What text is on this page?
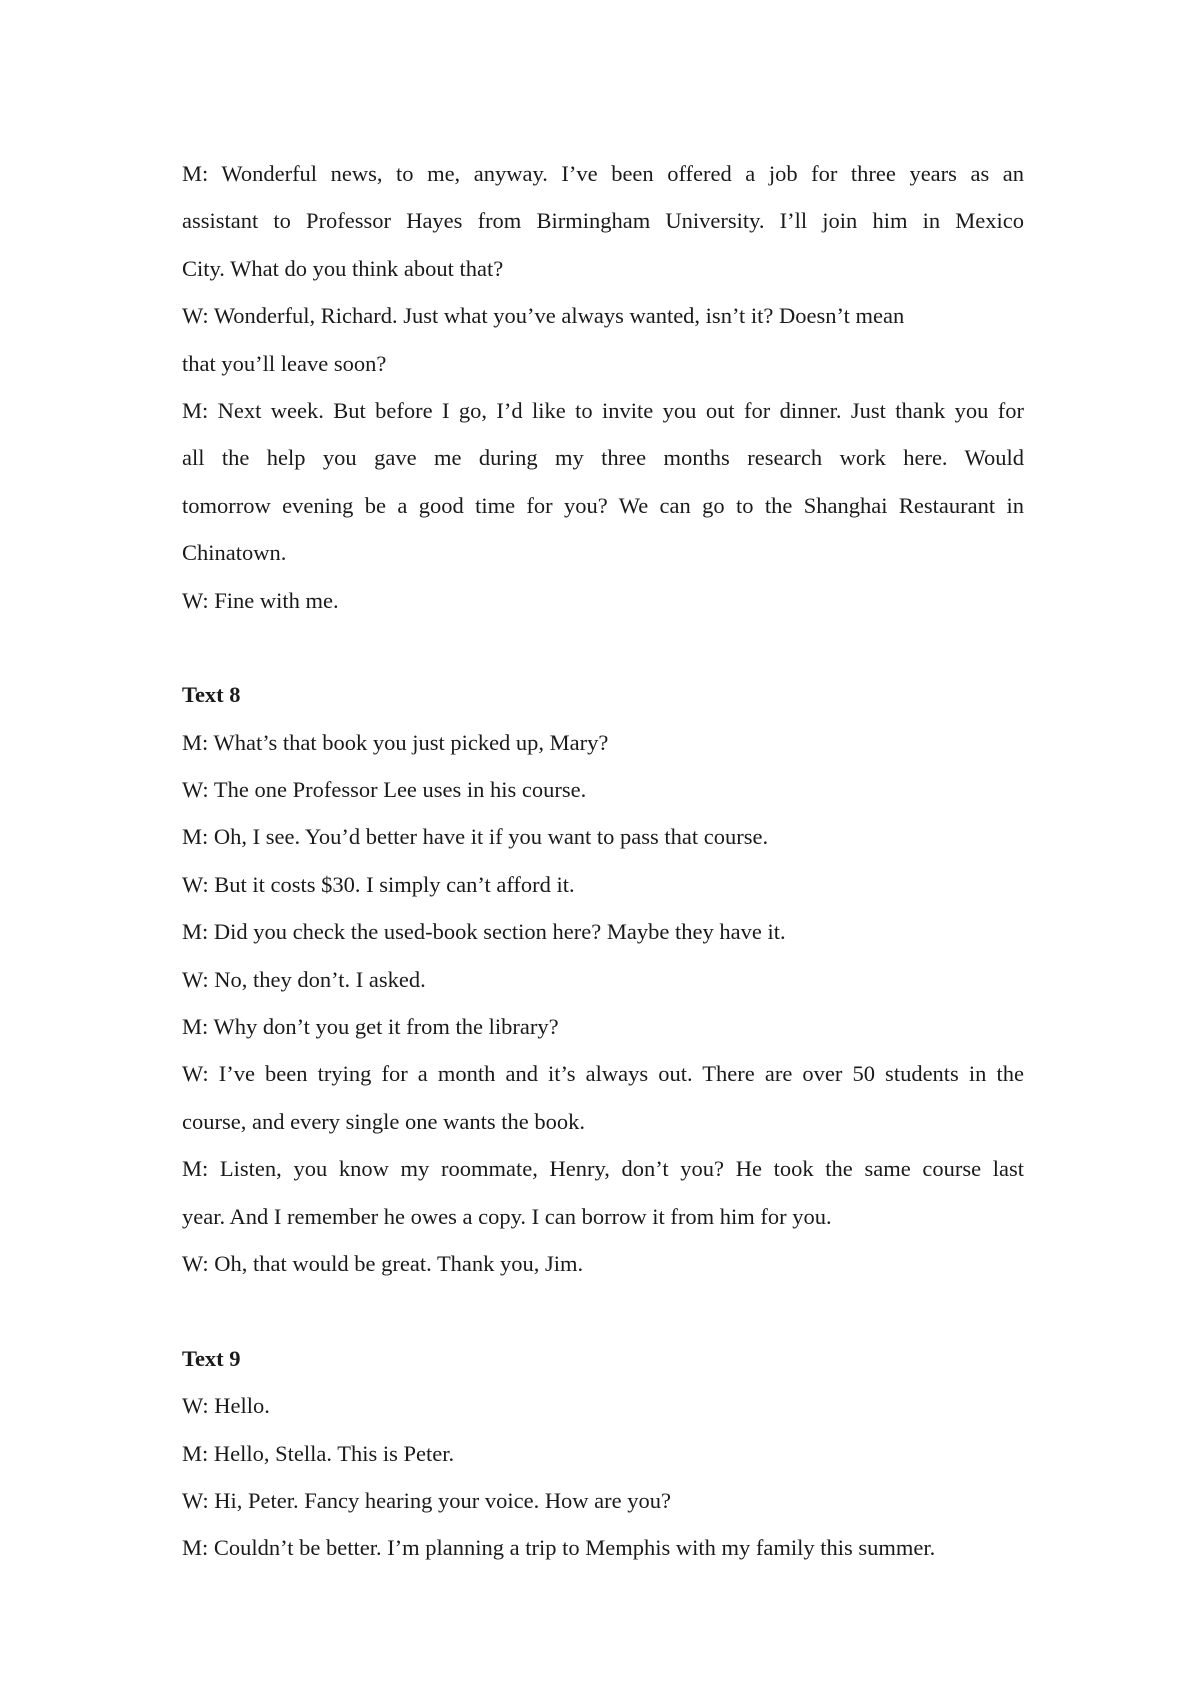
M: Wonderful news, to me, anyway. I’ve been offered a job for three years as an
assistant to Professor Hayes from Birmingham University. I’ll join him in Mexico
City. What do you think about that?
W: Wonderful, Richard. Just what you’ve always wanted, isn’t it? Doesn’t mean
that you’ll leave soon?
M: Next week. But before I go, I’d like to invite you out for dinner. Just thank you for
all the help you gave me during my three months research work here. Would
tomorrow evening be a good time for you? We can go to the Shanghai Restaurant in
Chinatown.
W: Fine with me.
Text 8
M: What’s that book you just picked up, Mary?
W: The one Professor Lee uses in his course.
M: Oh, I see. You’d better have it if you want to pass that course.
W: But it costs $30. I simply can’t afford it.
M: Did you check the used-book section here? Maybe they have it.
W: No, they don’t. I asked.
M: Why don’t you get it from the library?
W: I’ve been trying for a month and it’s always out. There are over 50 students in the
course, and every single one wants the book.
M: Listen, you know my roommate, Henry, don’t you? He took the same course last
year. And I remember he owes a copy. I can borrow it from him for you.
W: Oh, that would be great. Thank you, Jim.
Text 9
W: Hello.
M: Hello, Stella. This is Peter.
W: Hi, Peter. Fancy hearing your voice. How are you?
M: Couldn’t be better. I’m planning a trip to Memphis with my family this summer.
